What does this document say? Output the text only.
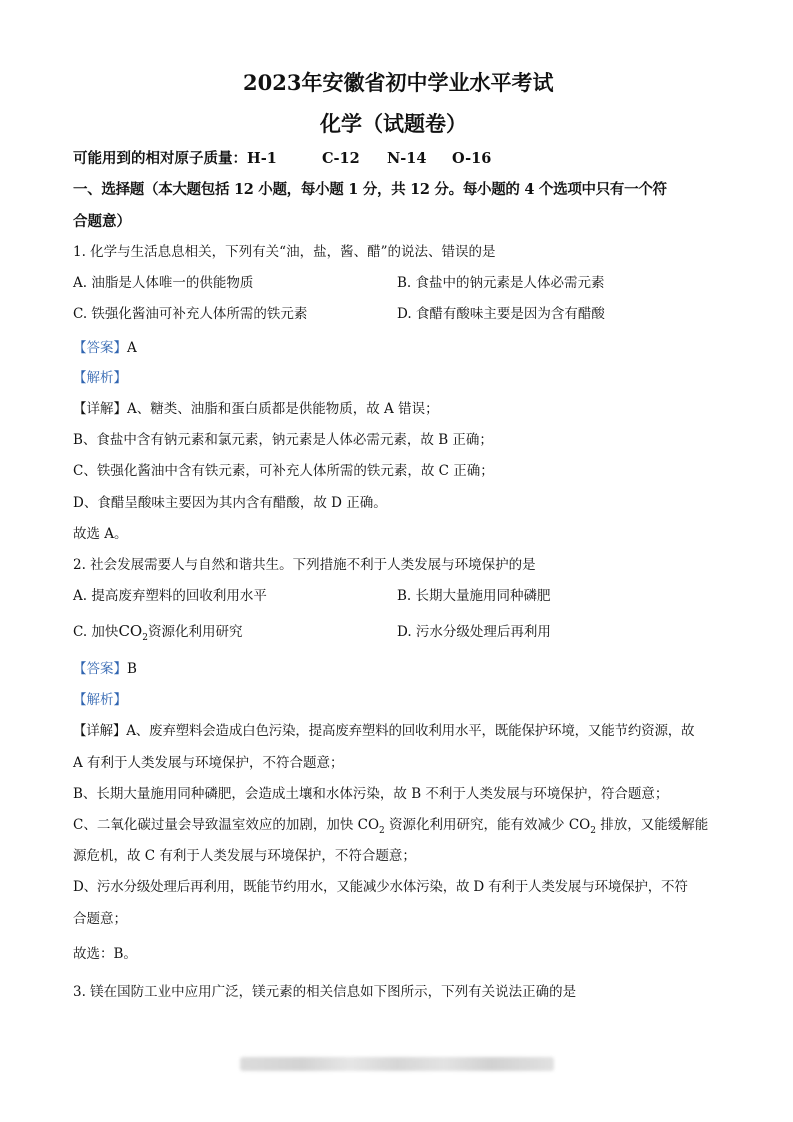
2023年安徽省初中学业水平考试
化学（试题卷）
可能用到的相对原子质量：H-1	C-12 N-14 O-16
一、选择题（本大题包括 12 小题，每小题 1 分，共 12 分。每小题的 4 个选项中只有一个符
合题意）
1. 化学与生活息息相关，下列有关“油，盐，酱、醋”的说法、错误的是
A. 油脂是人体唯一的供能物质	B. 食盐中的钠元素是人体必需元素
C. 铁强化酱油可补充人体所需的铁元素	D. 食醋有酸味主要是因为含有醋酸
【答案】A
【解析】
【详解】A、糖类、油脂和蛋白质都是供能物质，故 A 错误；
B、食盐中含有钠元素和氯元素，钠元素是人体必需元素，故 B 正确；
C、铁强化酱油中含有铁元素，可补充人体所需的铁元素，故 C 正确；
D、食醋呈酸味主要因为其内含有醋酸，故 D 正确。
故选 A。
2. 社会发展需要人与自然和谐共生。下列措施不利于人类发展与环境保护的是
A. 提高废弃塑料的回收利用水平	B. 长期大量施用同种磷肥
C. 加快$CO_2$资源化利用研究	D. 污水分级处理后再利用
【答案】B
【解析】
【详解】A、废弃塑料会造成白色污染，提高废弃塑料的回收利用水平，既能保护环境，又能节约资源，故
A 有利于人类发展与环境保护，不符合题意；
B、长期大量施用同种磷肥，会造成土壤和水体污染，故 B 不利于人类发展与环境保护，符合题意；
C、二氧化碳过量会导致温室效应的加剧，加快 $CO_2$ 资源化利用研究，能有效减少 $CO_2$ 排放，又能缓解能
源危机，故 C 有利于人类发展与环境保护，不符合题意；
D、污水分级处理后再利用，既能节约用水，又能减少水体污染，故 D 有利于人类发展与环境保护，不符
合题意；
故选：B。
3. 镁在国防工业中应用广泛，镁元素的相关信息如下图所示，下列有关说法正确的是
